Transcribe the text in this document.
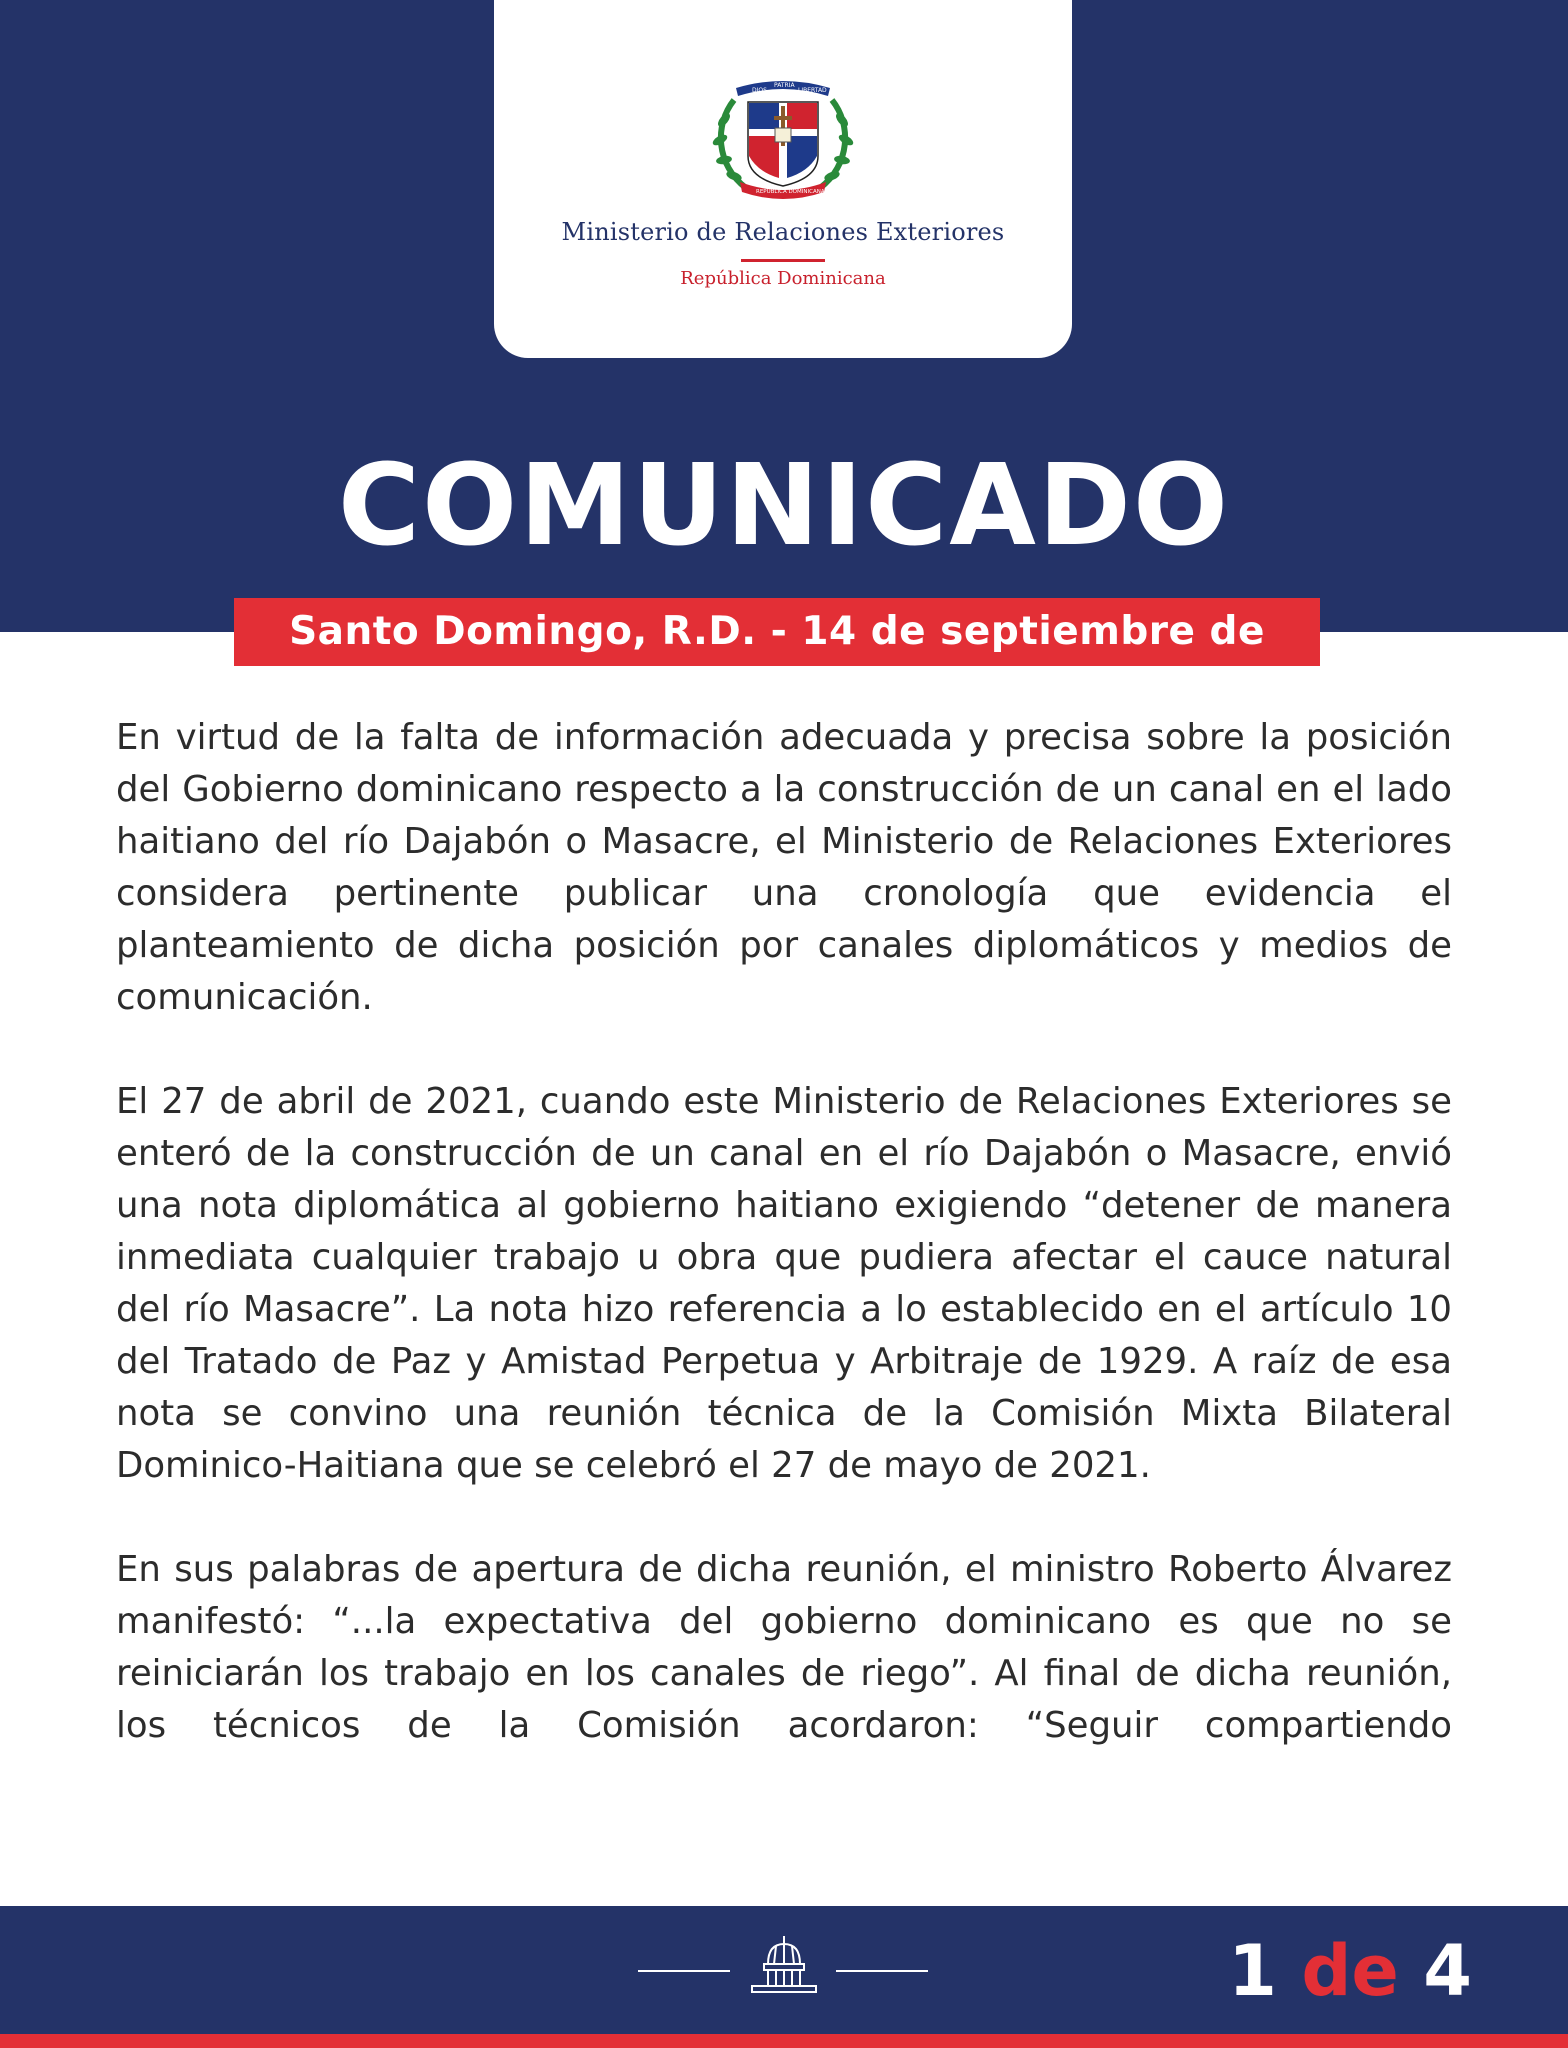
DIOS
PATRIA
LIBERTAD
REPÚBLICA DOMINICANA
Ministerio de Relaciones Exteriores
República Dominicana
COMUNICADO
Santo Domingo, R.D. - 14 de septiembre de 2023

En virtud de la falta de información adecuada y precisa sobre la posición del Gobierno dominicano respecto a la construcción de un canal en el lado haitiano del río Dajabón o Masacre, el Ministerio de Relaciones Exteriores considera pertinente publicar una cronología que evidencia el planteamiento de dicha posición por canales diplomáticos y medios de comunicación.

El 27 de abril de 2021, cuando este Ministerio de Relaciones Exteriores se enteró de la construcción de un canal en el río Dajabón o Masacre, envió una nota diplomática al gobierno haitiano exigiendo “detener de manera inmediata cualquier trabajo u obra que pudiera afectar el cauce natural del río Masacre”. La nota hizo referencia a lo establecido en el artículo 10 del Tratado de Paz y Amistad Perpetua y Arbitraje de 1929. A raíz de esa nota se convino una reunión técnica de la Comisión Mixta Bilateral Dominico-Haitiana que se celebró el 27 de mayo de 2021.

En sus palabras de apertura de dicha reunión, el ministro Roberto Álvarez manifestó: “...la expectativa del gobierno dominicano es que no se reiniciarán los trabajo en los canales de riego”. Al final de dicha reunión, los técnicos de la Comisión acordaron: “Seguir compartiendo

1 de 4
